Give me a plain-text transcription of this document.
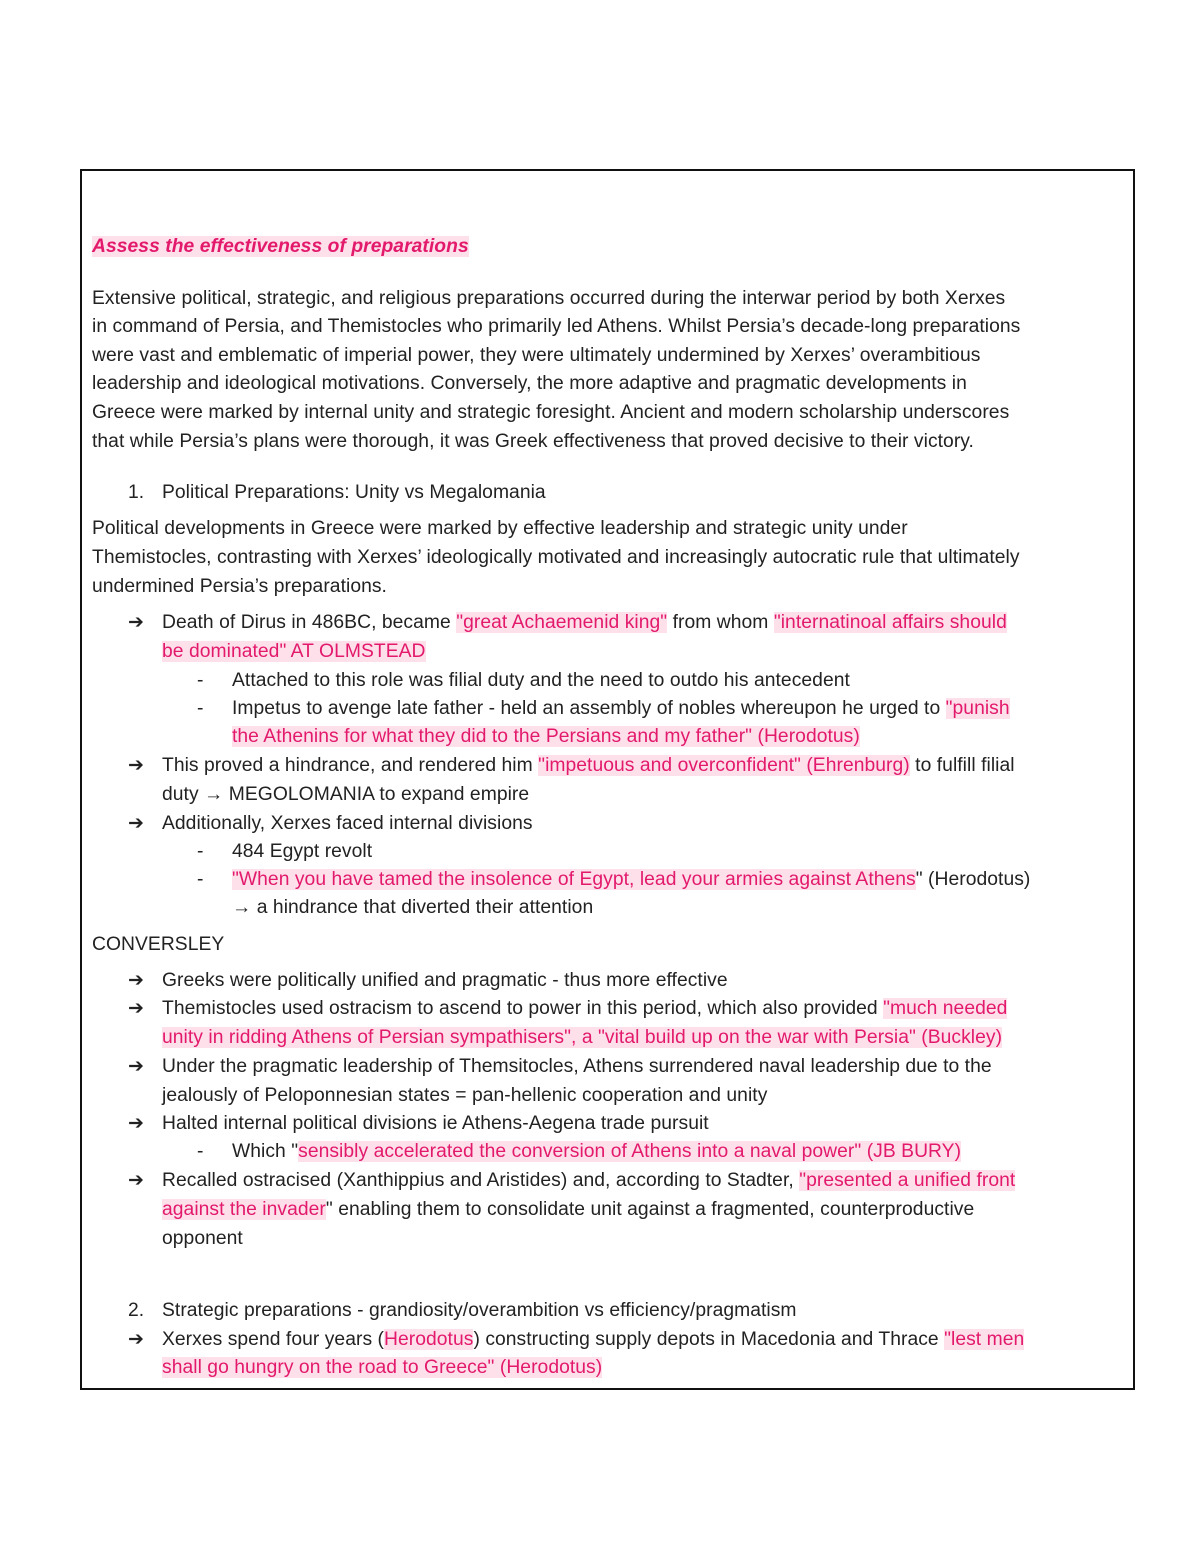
Assess the effectiveness of preparations
Extensive political, strategic, and religious preparations occurred during the interwar period by both Xerxes
in command of Persia, and Themistocles who primarily led Athens. Whilst Persia’s decade-long preparations
were vast and emblematic of imperial power, they were ultimately undermined by Xerxes’ overambitious
leadership and ideological motivations. Conversely, the more adaptive and pragmatic developments in
Greece were marked by internal unity and strategic foresight. Ancient and modern scholarship underscores
that while Persia’s plans were thorough, it was Greek effectiveness that proved decisive to their victory.
1. Political Preparations: Unity vs Megalomania
Political developments in Greece were marked by effective leadership and strategic unity under
Themistocles, contrasting with Xerxes’ ideologically motivated and increasingly autocratic rule that ultimately
undermined Persia’s preparations.
➔ Death of Dirus in 486BC, became "great Achaemenid king" from whom "internatinoal affairs should
be dominated" AT OLMSTEAD
- Attached to this role was filial duty and the need to outdo his antecedent
- Impetus to avenge late father - held an assembly of nobles whereupon he urged to "punish
the Athenins for what they did to the Persians and my father" (Herodotus)
➔ This proved a hindrance, and rendered him "impetuous and overconfident" (Ehrenburg) to fulfill filial
duty → MEGOLOMANIA to expand empire
➔ Additionally, Xerxes faced internal divisions
- 484 Egypt revolt
- "When you have tamed the insolence of Egypt, lead your armies against Athens" (Herodotus)
→ a hindrance that diverted their attention
CONVERSLEY
➔ Greeks were politically unified and pragmatic - thus more effective
➔ Themistocles used ostracism to ascend to power in this period, which also provided "much needed
unity in ridding Athens of Persian sympathisers", a "vital build up on the war with Persia" (Buckley)
➔ Under the pragmatic leadership of Themsitocles, Athens surrendered naval leadership due to the
jealously of Peloponnesian states = pan-hellenic cooperation and unity
➔ Halted internal political divisions ie Athens-Aegena trade pursuit
- Which "sensibly accelerated the conversion of Athens into a naval power" (JB BURY)
➔ Recalled ostracised (Xanthippius and Aristides) and, according to Stadter, "presented a unified front
against the invader" enabling them to consolidate unit against a fragmented, counterproductive
opponent
2. Strategic preparations - grandiosity/overambition vs efficiency/pragmatism
➔ Xerxes spend four years (Herodotus) constructing supply depots in Macedonia and Thrace "lest men
shall go hungry on the road to Greece" (Herodotus)
